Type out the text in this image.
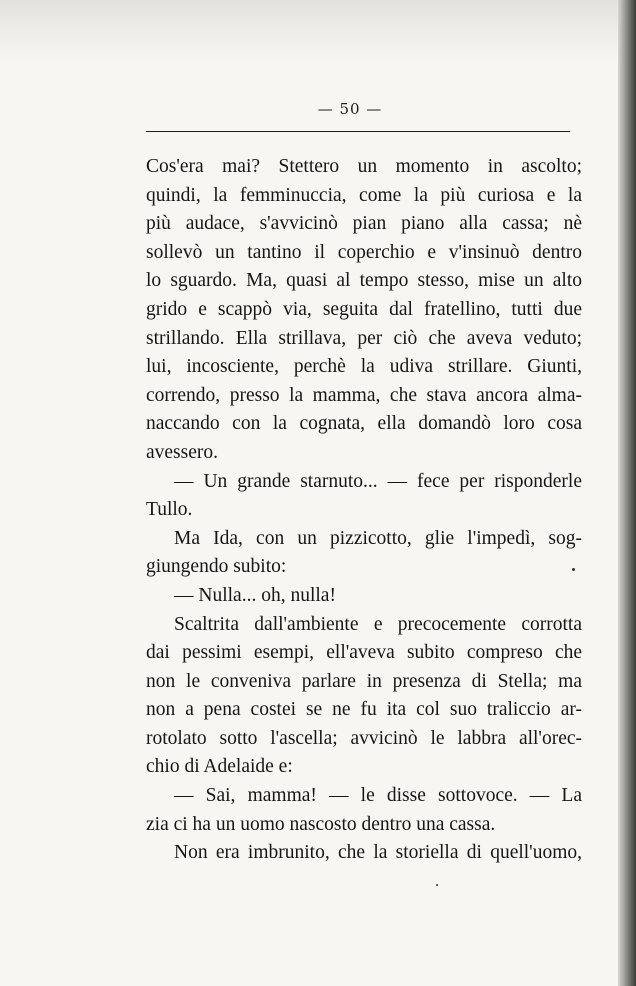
— 50 —
Cos'era mai? Stettero un momento in ascolto;
quindi, la femminuccia, come la più curiosa e la
più audace, s'avvicinò pian piano alla cassa; nè
sollevò un tantino il coperchio e v'insinuò dentro
lo sguardo. Ma, quasi al tempo stesso, mise un alto
grido e scappò via, seguita dal fratellino, tutti due
strillando. Ella strillava, per ciò che aveva veduto;
lui, incosciente, perchè la udiva strillare. Giunti,
correndo, presso la mamma, che stava ancora alma-
naccando con la cognata, ella domandò loro cosa
avessero.
— Un grande starnuto... — fece per risponderle
Tullo.
Ma Ida, con un pizzicotto, glie l'impedì, sog-
giungendo subito:
— Nulla... oh, nulla!
Scaltrita dall'ambiente e precocemente corrotta
dai pessimi esempi, ell'aveva subito compreso che
non le conveniva parlare in presenza di Stella; ma
non a pena costei se ne fu ita col suo traliccio ar-
rotolato sotto l'ascella; avvicinò le labbra all'orec-
chio di Adelaide e:
— Sai, mamma! — le disse sottovoce. — La
zia ci ha un uomo nascosto dentro una cassa.
Non era imbrunito, che la storiella di quell'uomo,
